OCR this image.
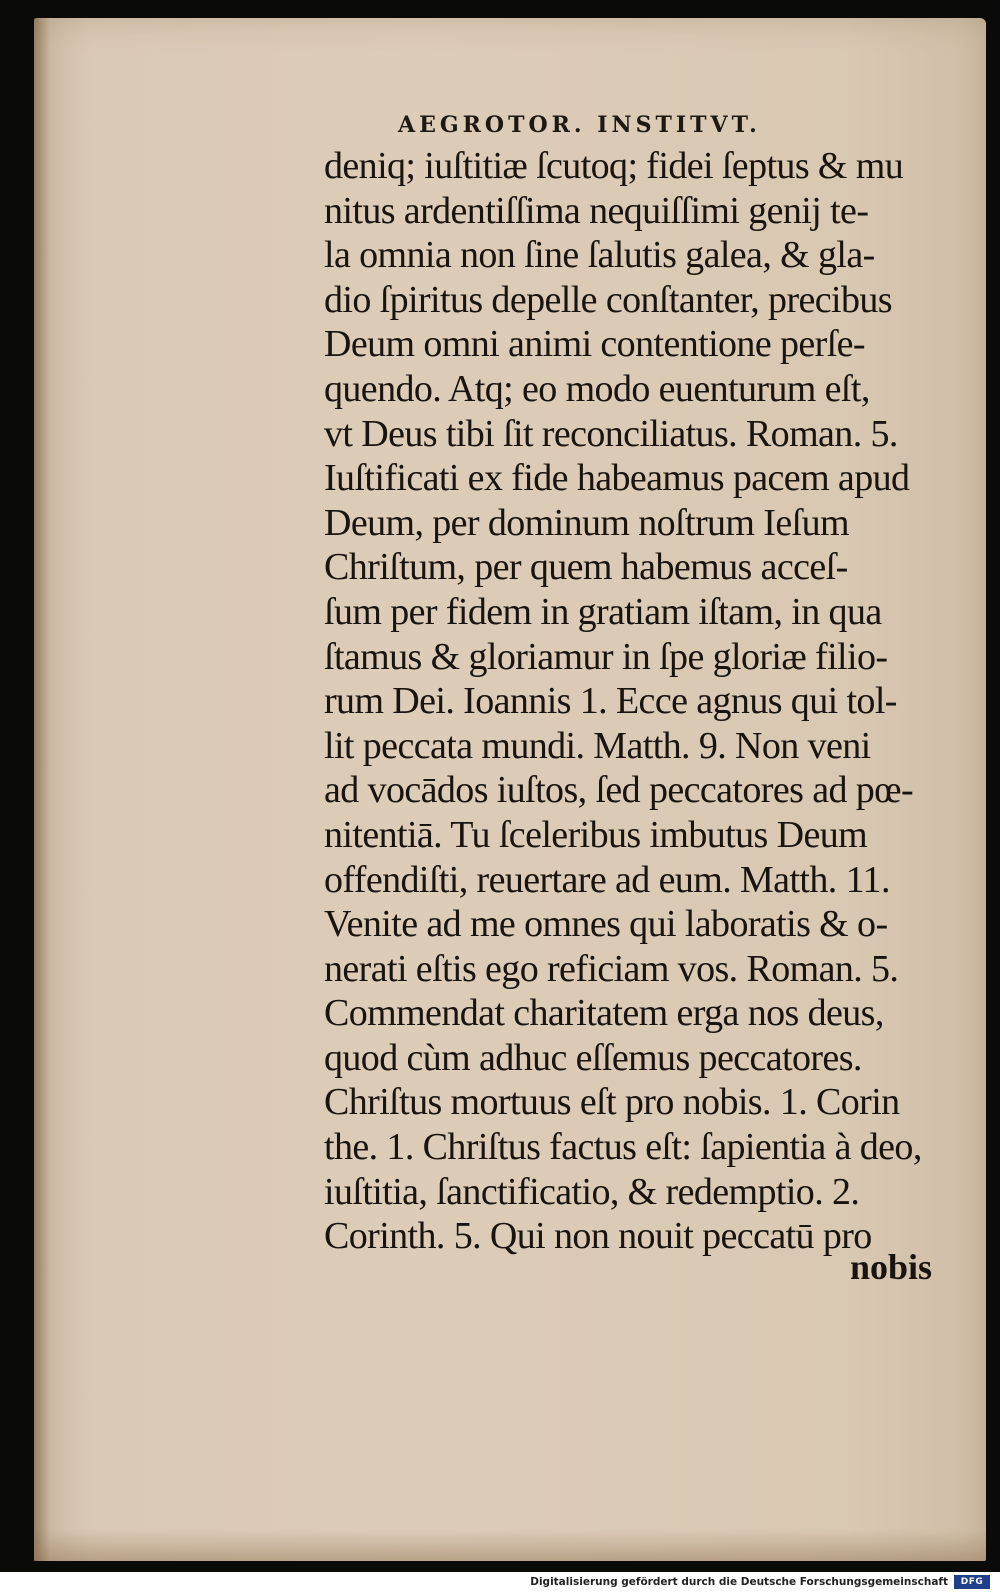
AEGROTOR. INSTITVT.
deniq; iuſtitiæ ſcutoq; fidei ſeptus & mu
nitus ardentiſſima nequiſſimi genij te-
la omnia non ſine ſalutis galea, & gla-
dio ſpiritus depelle conſtanter, precibus
Deum omni animi contentione perſe-
quendo. Atq; eo modo euenturum eſt,
vt Deus tibi ſit reconciliatus. Roman. 5.
Iuſtificati ex fide habeamus pacem apud
Deum, per dominum noſtrum Ieſum
Chriſtum, per quem habemus acceſ-
ſum per fidem in gratiam iſtam, in qua
ſtamus & gloriamur in ſpe gloriæ filio-
rum Dei. Ioannis 1. Ecce agnus qui tol-
lit peccata mundi. Matth. 9. Non veni
ad vocādos iuſtos, ſed peccatores ad pœ-
nitentiā. Tu ſceleribus imbutus Deum
offendiſti, reuertare ad eum. Matth. 11.
Venite ad me omnes qui laboratis & o-
nerati eſtis ego reficiam vos. Roman. 5.
Commendat charitatem erga nos deus,
quod cùm adhuc eſſemus peccatores.
Chriſtus mortuus eſt pro nobis. 1. Corin
the. 1. Chriſtus factus eſt: ſapientia à deo,
iuſtitia, ſanctificatio, & redemptio. 2.
Corinth. 5. Qui non nouit peccatū pro
nobis
Digitalisierung gefördert durch die Deutsche Forschungsgemeinschaft	DFG
